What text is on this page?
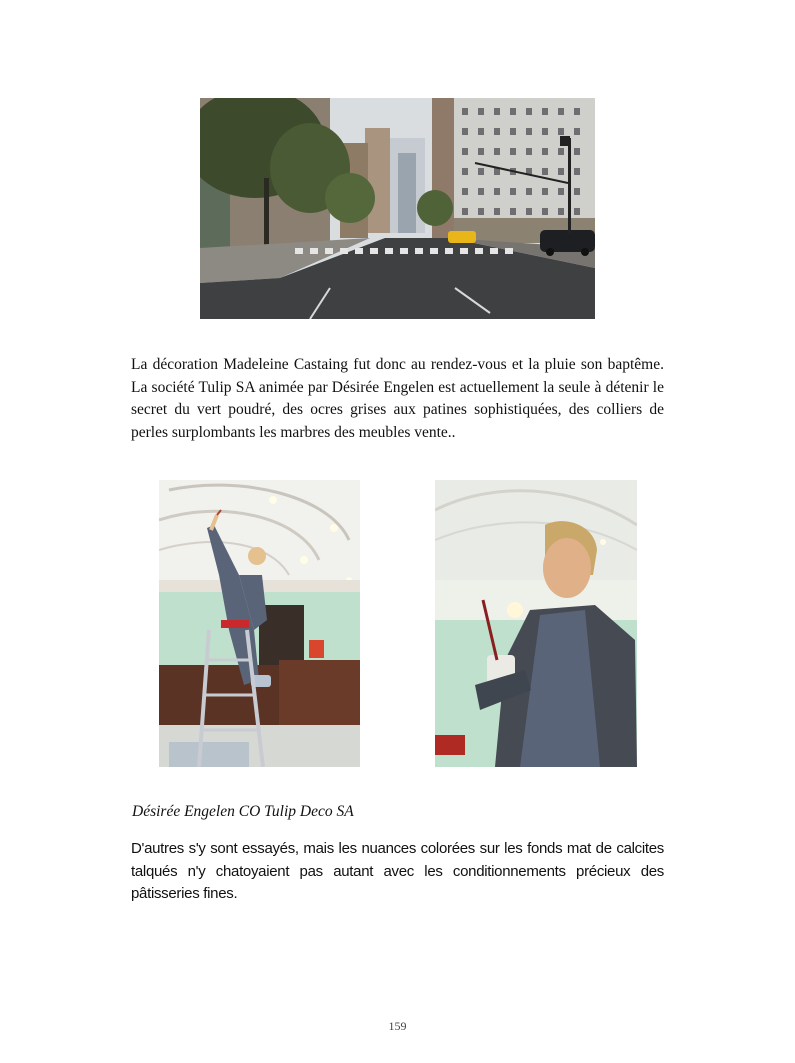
La décoration Madeleine Castaing fut donc au rendez-vous et la pluie son baptême. La société Tulip SA animée par Désirée Engelen est actuellement la seule à détenir le secret du vert poudré, des ocres grises aux patines sophistiquées, des colliers de perles surplombants les marbres des meubles vente..

Désirée Engelen CO Tulip Deco SA

D'autres s'y sont essayés, mais les nuances colorées sur les fonds mat de calcites talqués n'y chatoyaient pas autant avec les conditionnements précieux des pâtisseries fines.

159
